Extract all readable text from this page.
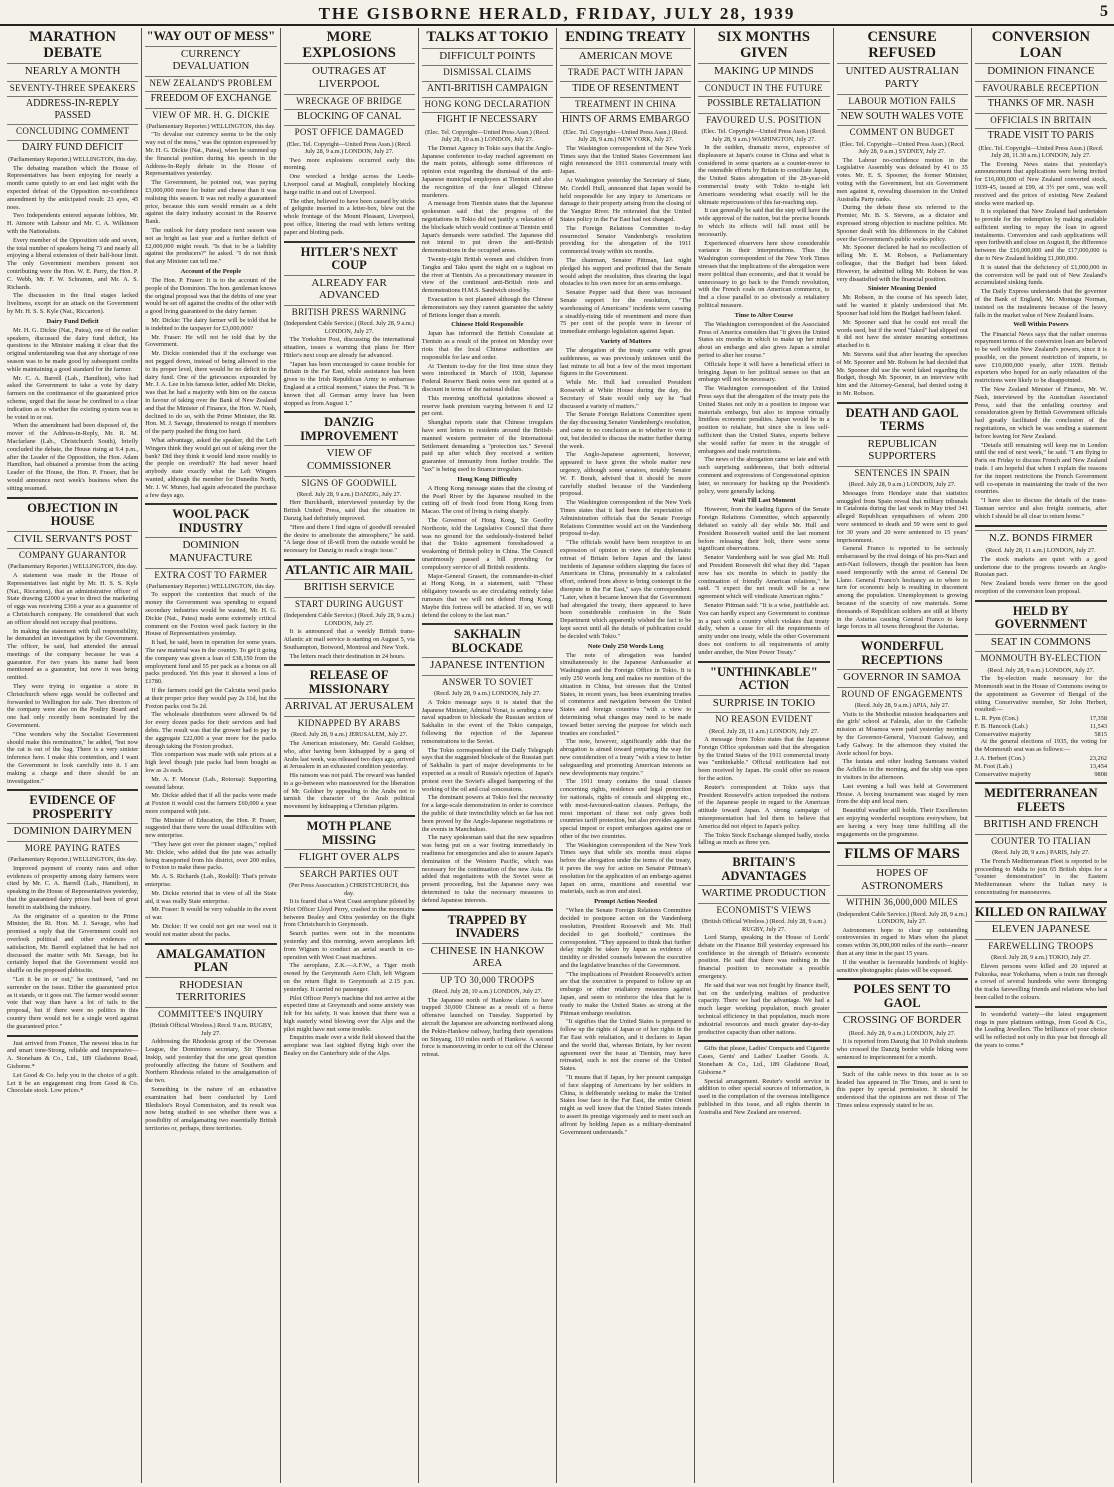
THE GISBORNE HERALD, FRIDAY, JULY 28, 1939	5
MARATHON DEBATE
NEARLY A MONTH
SEVENTY-THREE SPEAKERS
ADDRESS-IN-REPLY PASSED
CONCLUDING COMMENT
DAIRY FUND DEFICIT
(Parliamentary Reporter.) WELLINGTON, this day.

The debating marathon which the House of Representatives has been enjoying for nearly a month came quietly to an end last night with the expected defeat of the Opposition no-confidence amendment by the anticipated result: 23 ayes, 45 noes.

Two Independents entered separate lobbies, Mr. H. Atmore with Labour and Mr. C. A. Wilkinson with the Nationalists.

Every member of the Opposition side and seven, the total number of speakers being 73 and nearly all enjoying a liberal extension of their half-hour limit. The only Government members present not contributing were the Hon. W. E. Parry, the Hon. P. C. Webb, Mr. F. W. Schramm, and Mr. A. S. Richards.

The discussion in the final stages lacked liveliness, except for an attack on the Government by Mr. H. S. S. Kyle (Nat., Riccarton).

Dairy Fund Deficit

Mr. H. G. Dickie (Nat., Patea), one of the earlier speakers, discussed the dairy fund deficit, his questions to the Minister making it clear that the original understanding was that any shortage of one season was to be made good by subsequent credits while maintaining a good standard for the farmer.

Mr. C. A. Barrell (Lab., Hamilton), who had asked the Government to take a vote by dairy farmers on the continuance of the guaranteed price scheme, urged that the issue be confined to a clear indication as to whether the existing system was to be voted in or out.

When the amendment had been disposed of, the mover of the Address-in-Reply, Mr. R. M. Macfarlane (Lab., Christchurch South), briefly concluded the debate, the House rising at 9.4 p.m., after the Leader of the Opposition, the Hon. Adam Hamilton, had obtained a promise from the acting Leader of the House, the Hon. P. Fraser, that he would announce next week's business when the sitting resumed.

OBJECTION IN HOUSE
CIVIL SERVANT'S POST
COMPANY GUARANTOR
(Parliamentary Reporter.) WELLINGTON, this day.

A statement was made in the House of Representatives last night by Mr. H. S. S. Kyle (Nat., Riccarton), that an administrative officer of State drawing £2000 a year to direct the marketing of eggs was receiving £366 a year as a guarantor of a Christchurch company. He considered that such an officer should not occupy dual positions.

In making the statement with full responsibility, he demanded an investigation by the Government. The officer, he said, had attended the annual meetings of the company because he was a guarantor. For two years his name had been mentioned as a guarantor, but now it was being omitted.

They were trying to organise a store in Christchurch where eggs would be collected and forwarded to Wellington for sale. Two directors of the company were also on the Poultry Board and one had only recently been nominated by the Government.

"One wonders why the Socialist Government should make this nomination," he added, "but now the cat is out of the bag. There is a very sinister inference here. I make this contention, and I want the Government to look carefully into it. I am making a charge and there should be an investigation."

EVIDENCE OF PROSPERITY
DOMINION DAIRYMEN
MORE PAYING RATES
(Parliamentary Reporter.) WELLINGTON, this day.

Improved payment of county rates and other evidences of prosperity among dairy farmers were cited by Mr. C. A. Barrell (Lab., Hamilton), in speaking in the House of Representatives yesterday, that the guaranteed dairy prices had been of great benefit in stabilising the industry.

As the originator of a question to the Prime Minister, the Rt. Hon. M. J. Savage, who had promised a reply that the Government could not overlook political and other evidences of satisfaction, Mr. Barrell explained that he had not discussed the matter with Mr. Savage, but he certainly hoped that the Government would not shuffle on the proposed plebiscite.

"Let it be in or out," he continued, "and no surrender on the issue. Either the guaranteed price as it stands, or it goes out. The farmer would sooner vote that way than have a lot of tails to the proposal, but if there were no politics in this country there would not be a single word against the guaranteed price."

Just arrived from France, The newest idea in fur and smart tone-Strong, reliable and inexpensive—A. Stoneham & Co., Ltd., 189 Gladstone Road, Gisborne.*

Let Good & Co. help you in the choice of a gift. Let it be an engagement ring from Good & Co. Chocolate stock. Low prices.*

"WAY OUT OF MESS"
CURRENCY DEVALUATION
NEW ZEALAND'S PROBLEM
FREEDOM OF EXCHANGE
VIEW OF MR. H. G. DICKIE
(Parliamentary Reporter.) WELLINGTON, this day.

"To devalue our currency seems to be the only way out of the mess," was the opinion expressed by Mr. H. G. Dickie (Nat., Patea), when he summed up the financial position during his speech in the Address-In-Reply debate in the House of Representatives yesterday.

The Government, he pointed out, was paying £3,000,000 more for butter and cheese than it was realising this season. It was not really a guaranteed price, because this sum would remain as a debt against the dairy industry account in the Reserve Bank.

The outlook for dairy produce next season was not as bright as last year and a further deficit of £2,000,000 might result. "Is that to be a liability against the producers?" he asked. "I do not think that any Minister can tell me."

Account of the People

The Hon. P. Fraser: It is to the account of the people of the Dominion. The hon. gentleman knows the original proposal was that the debits of one year would be set off against the credits of the other with a good living guaranteed to the dairy farmer.

Mr. Dickie: The dairy farmer will be told that he is indebted to the taxpayer for £3,000,000?

Mr. Fraser: He will not be told that by the Government.

Mr. Dickie contended that if the exchange was not pegged down, instead of being allowed to rise to its proper level, there would be no deficit in the dairy fund. One of the grievances expounded by Mr. J. A. Lee in his famous letter, added Mr. Dickie, was that he had a majority with him on the caucus in favour of taking over the Bank of New Zealand and that the Minister of Finance, the Hon. W. Nash, declined to do so, with the Prime Minister, the Rt. Hon. M. J. Savage, threatened to resign if members of the party pushed the thing too hard.

What advantage, asked the speaker, did the Left Wingers think they would get out of taking over the bank? Did they think it would lend more readily to the people on overdraft? He had never heard anybody state exactly what the Left Wingers wanted, although the member for Dunedin North, Mr. J. W. Munro, had again advocated the purchase a few days ago.

WOOL PACK INDUSTRY
DOMINION MANUFACTURE
EXTRA COST TO FARMER
(Parliamentary Reporter.) WELLINGTON, this day.

To support the contention that much of the money the Government was spending to expand secondary industries would be wasted, Mr. H. G. Dickie (Nat., Patea) made some extremely critical comment on the Foxton wool pack factory in the House of Representatives yesterday.

It had, he said, been in operation for some years. The raw material was in the country. To get it going the company was given a loan of £38,150 from the employment fund and 55 per pack as a bonus on all packs produced. Yet this year it showed a loss of £1780.

If the farmers could get the Calcutta wool packs at their proper price they would pay 2s 11d, but the Foxton packs cost 5s 2d.

The wholesale distributors were allowed 9s 6d for every dozen packs for their services and bad debts. The result was that the grower had to pay in the aggregate £22,000 a year more for the packs through taking the Foxton product.

This comparison was made with sale prices at a high level though jute packs had been bought as low as 2s each.

Mr. A. F. Moncur (Lab., Rotorua): Supporting sweated labour.

Mr. Dickie added that if all the packs were made at Foxton it would cost the farmers £60,000 a year more compared with jute.

The Minister of Education, the Hon. P. Fraser, suggested that there were the usual difficulties with new enterprise.

"They have got over the pioneer stages," replied Mr. Dickie, who added that the jute was actually being transported from his district, over 200 miles, to Foxton to make these packs.

Mr. A. S. Richards (Lab., Roskill): That's private enterprise.

Mr. Dickie retorted that in view of all the State aid, it was really State enterprise.

Mr. Fraser: It would be very valuable in the event of war.

Mr. Dickie: If we could not get our wool out it would not matter about the packs.

AMALGAMATION PLAN
RHODESIAN TERRITORIES
COMMITTEE'S INQUIRY
(British Official Wireless.) Recd. 9 a.m. RUGBY, July 27.

Addressing the Rhodesia group of the Overseas League, the Dominions secretary, Sir Thomas Inskip, said yesterday that the one great question profoundly affecting the future of Southern and Northern Rhodesia related to the amalgamation of the two.

Something in the nature of an exhaustive examination had been conducted by Lord Bledisloe's Royal Commission, and its result was now being studied to see whether there was a possibility of amalgamating two essentially British territories or, perhaps, three territories.

MORE EXPLOSIONS
OUTRAGES AT LIVERPOOL
WRECKAGE OF BRIDGE
BLOCKING OF CANAL
POST OFFICE DAMAGED
(Elec. Tel. Copyright—United Press Assn.) (Recd. July 28, 9 a.m.) LONDON, July 27.

Two more explosions occurred early this morning.

One wrecked a bridge across the Leeds-Liverpool canal at Maghull, completely blocking barge traffic in and out of Liverpool.

The other, believed to have been caused by sticks of gelignite inserted in a letter-box, blew out the whole frontage of the Mount Pleasant, Liverpool, post office, littering the road with letters writing paper and blotting pads.

HITLER'S NEXT COUP
ALREADY FAR ADVANCED
BRITISH PRESS WARNING
(Independent Cable Service.) (Recd. July 28, 9 a.m.) LONDON, July 27.

The Yorkshire Post, discussing the international situation, issues a warning that plans for Herr Hitler's next coup are already far advanced.

"Japan has been encouraged to cause trouble for Britain in the Far East, while assistance has been given to the Irish Republican Army to embarrass England at a critical moment," states the Post. "It is known that all German army leave has been stopped as from August 1."

DANZIG IMPROVEMENT
VIEW OF COMMISSIONER
SIGNS OF GOODWILL
(Recd. July 28, 9 a.m.) DANZIG, July 27.

Herr Burckhardt, interviewed yesterday by the British United Press, said that the situation in Danzig had definitely improved.

"Here and there I find signs of goodwill revealed the desire to ameliorate the atmosphere," he said. "A large dose of ill-will from the outside would be necessary for Danzig to reach a tragic issue."

ATLANTIC AIR MAIL
BRITISH SERVICE
START DURING AUGUST
(Independent Cable Service.) (Recd. July 28, 9 a.m.) LONDON, July 27.

It is announced that a weekly British trans-Atlantic air mail service is starting on August 5, via Southampton, Botwood, Montreal and New York.

The letters reach their destination in 24 hours.

RELEASE OF MISSIONARY
ARRIVAL AT JERUSALEM
KIDNAPPED BY ARABS
(Recd. July 28, 9 a.m.) JERUSALEM, July 27.

The American missionary, Mr. Gerald Goldner, who, after having been kidnapped by a gang of Arabs last week, was released two days ago, arrived at Jerusalem in an exhausted condition yesterday.

His ransom was not paid. The reward was handed to a go-between who manoeuvred for the liberation of Mr. Goldner by appealing to the Arabs not to tarnish the character of the Arab political movement by kidnapping a Christian pilgrim.

MOTH PLANE MISSING
FLIGHT OVER ALPS
SEARCH PARTIES OUT
(Per Press Association.) CHRISTCHURCH, this day.

It is feared that a West Coast aeroplane piloted by Pilot Officer Lloyd Perry, crashed in the mountains between Bealey and Otira yesterday on the flight from Christchurch to Greymouth.

Search parties were out in the mountains yesterday and this morning, seven aeroplanes left from Wigram to conduct an aerial search in co-operation with West Coast machines.

The aeroplane, Z.K.—A.F.W., a Tiger moth owned by the Greymouth Aero Club, left Wigram on the return flight to Greymouth at 2.15 p.m. yesterday. It carried no passenger.

Pilot Officer Perry's machine did not arrive at the expected time at Greymouth and some anxiety was felt for his safety. It was known that there was a high easterly wind blowing over the Alps and the pilot might have met some trouble.

Enquiries made over a wide field showed that the aeroplane was last sighted flying high over the Bealey on the Canterbury side of the Alps.

TALKS AT TOKIO
DIFFICULT POINTS
DISMISSAL CLAIMS
ANTI-BRITISH CAMPAIGN
HONG KONG DECLARATION
FIGHT IF NECESSARY
(Elec. Tel. Copyright—United Press Assn.) (Recd. July 28, 10 a.m.) LONDON, July 27.

The Domei Agency in Tokio says that the Anglo-Japanese conference to-day reached agreement on the main points, although some differences of opinion exist regarding the dismissal of the anti-Japanese municipal employees at Tientsin and also the recognition of the four alleged Chinese murderers.

A message from Tientsin states that the Japanese spokesman said that the progress of the negotiations in Tokio did not justify a relaxation of the blockade which would continue at Tientsin until Japan's demands were satisfied. The Japanese did not intend to put down the anti-British demonstrations in the occupied areas.

Twenty-eight British women and children from Tangku and Taku spent the night on a tugboat on the river at Tientsin. As a precautionary measure in view of the continued anti-British riots and demonstrations H.M.S. Sandwich stood by.

Evacuation is not planned although the Chinese demonstrators say they cannot guarantee the safety of Britons longer than a month.

Chinese Hold Responsible

Japan has informed the British Consulate at Tientsin as a result of the protest on Monday over riots that the local Chinese authorities are responsible for law and order.

At Tientsin to-day for the first time since they were introduced in March of 1938, Japanese Federal Reserve Bank notes were not quoted at a discount in terms of the national dollar.

This morning unofficial quotations showed a reserve bank premium varying between 6 and 12 per cent.

Shanghai reports state that Chinese irregulars have sent letters to residents around the British-manned western perimeter of the International Settlement demanding a "protection tax." Several paid up after which they received a written guarantee of immunity from further trouble. The "tax" is being used to finance irregulars.

Hong Kong Difficulty

A Hong Kong message states that the closing of the Pearl River by the Japanese resulted in the cutting off of fresh food from Hong Kong from Macao. The cost of living is rising sharply.

The Governor of Hong Kong, Sir Geoffry Northcote, told the Legislative Council that there was no ground for the sedulously-fostered belief that the Tokio agreement foreshadowed a weakening of British policy in China. The Council unanimously passed a bill providing for compulsory service of all British residents.

Major-General Grasett, the commander-in-chief at Hong Kong, in a statement, said: "These obligatory towards us are circulating entirely false rumours that we will not defend Hong Kong. Maybe this fortress will be attacked. If so, we will defend the colony to the last man."

SAKHALIN BLOCKADE
JAPANESE INTENTION
ANSWER TO SOVIET
(Recd. July 28, 9 a.m.) LONDON, July 27.

A Tokio message says it is stated that the Japanese Minister, Admiral Yonai, is sending a new naval squadron to blockade the Russian section of Sakhalin in the event of the Tokio campaign, following the rejection of the Japanese remonstrations to the Soviet.

The Tokio correspondent of the Daily Telegraph says that the suggested blockade of the Russian part of Sakhalin is part of major developments to be expected as a result of Russia's rejection of Japan's protest over the Soviet's alleged hampering of the working of the oil and coal concessions.

The dominant powers at Tokio feel the necessity for a large-scale demonstration in order to convince the public of their invincibility which so far has not been proved by the Anglo-Japanese negotiations or the events in Manchukuo.

The navy spokesman said that the new squadron was being put on a war footing immediately in readiness for emergencies and also to assure Japan's domination of the Western Pacific, which was necessary for the continuation of the new Asia. He added that negotiations with the Soviet were at present proceeding, but the Japanese navy was determined to take the necessary measures to defend Japanese interests.

TRAPPED BY INVADERS
CHINESE IN HANKOW AREA
UP TO 30,000 TROOPS
(Recd. July 28, 10 a.m.) LONDON, July 27.

The Japanese north of Hankow claim to have trapped 30,000 Chinese as a result of a fierce offensive launched on Tuesday. Supported by aircraft the Japanese are advancing northward along the Pekin-Hankow railway, hurling their operations on Sinyang, 110 miles north of Hankow. A second force is manoeuvring in order to cut off the Chinese retreat.

ENDING TREATY
AMERICAN MOVE
TRADE PACT WITH JAPAN
TIDE OF RESENTMENT
TREATMENT IN CHINA
HINTS OF ARMS EMBARGO
(Elec. Tel. Copyright—United Press Assn.) (Recd. July 28, 9 a.m.) NEW YORK, July 27.

The Washington correspondent of the New York Times says that the United States Government last night renounced the 1911 commercial treaty with Japan.

At Washington yesterday the Secretary of State, Mr. Cordell Hull, announced that Japan would be held responsible for any injury to Americans or damage to their property arising from the closing of the Yangtze River. He reiterated that the United States policy in the Far East had not changed.

The Foreign Relations Committee to-day resurrected Senator Vandenberg's resolution providing for the abrogation of the 1911 commercial treaty within six months.

The chairman, Senator Pittman, last night pledged his support and predicted that the Senate would adopt the resolution, thus clearing the legal obstacles to his own move for an arms embargo.

Senator Pepper said that there was increased Senate support for the resolution, "The warehousing of Americans" incidents were causing a steadily-rising tide of resentment and more than 75 per cent of the people were in favour of immediate embargo legislation against Japan.

Variety of Matters

The abrogation of the treaty came with great suddenness, as was previously unknown until the last minute to all but a few of the most important figures in the Government.

While Mr. Hull had consulted President Roosevelt at White House during the day, the Secretary of State would only say he "had discussed a variety of matters."

The Senate Foreign Relations Committee spent the day discussing Senator Vandenberg's resolution, and came to no conclusion as to whether to vote it out, but decided to discuss the matter further during the week.

The Anglo-Japanese agreement, however, appeared to have given the whole matter new urgency, although some senators, notably Senator W. F. Borah, advised that it should be more carefully studied because of the Vandenberg proposal.

The Washington correspondent of the New York Times states that it had been the expectation of Administration officials that the Senate Foreign Relations Committee would act on the Vandenberg proposal to-day.

"The officials would have been receptive to an expression of opinion in view of the diplomatic retreat of Britain before Japan and the latest incidents of Japanese soldiers slapping the faces of Americans in China, presumably in a calculated effort, ordered from above to bring contempt in the disrepute in the Far East," says the correspondent. "Later, when it became known that the Government had abrogated the treaty, there appeared to have been considerable confusion in the State Department which apparently wished the fact to be kept secret until all the details of publication could be decided with Tokio."

Note Only 250 Words Long

The note of abrogation was handed simultaneously to the Japanese Ambassador at Washington and the Foreign Office in Tokio. It is only 250 words long and makes no mention of the situation in China, but stresses that the United States, in recent years, has been examining treaties of commerce and navigation between the United States and foreign countries "with a view to determining what changes may need to be made toward better serving the purpose for which such treaties are concluded."

The note, however, significantly adds that the abrogation is aimed toward preparing the way for new consideration of a treaty "with a view to better safeguarding and promoting American interests as new developments may require."

The 1911 treaty contains the usual clauses concerning rights, residence and legal protection for nationals, rights of consuls and shipping etc., with most-favoured-nation clauses. Perhaps, the most important of these not only gives both countries tariff protection, but also provides against special impost or export embargoes against one or other of the two countries.

The Washington correspondent of the New York Times says that while six months must elapse before the abrogation under the terms of the treaty, it paves the way for action on Senator Pittman's resolution for the application of an embargo against Japan on arms, munitions and essential war materials, such as iron and steel.

Prompt Action Needed

"When the Senate Foreign Relations Committee decided to postpone action on the Vandenberg resolution, President Roosevelt and Mr. Hull decided to get foothold," continues the correspondent. "They appeared to think that further delay might be taken by Japan as evidence of timidity or divided counsels between the executive and the legislative branches of the Government.

"The implications of President Roosevelt's action are that the executive is prepared to follow up an embargo or other retaliatory measures against Japan, and seem to reinforce the idea that he is ready to make the United States as strong at the Pittman embargo resolution.

"It signifies that the United States is prepared to follow up the rights of Japan or of her rights in the Far East with retaliation, and it declares to Japan and the world that, whereas Britain, by her recent agreement over the issue at Tientsin, may have retreated, such is not the course of the United States.

"It means that if Japan, by her present campaign of face slapping of Americans by her soldiers in China, is deliberately seeking to make the United States lose face in the Far East, the entire Orient might as well know that the United States intends to assert its prestige vigorously and to meet such an affront by holding Japan as a military-dominated Government understands."

SIX MONTHS GIVEN
MAKING UP MINDS
CONDUCT IN THE FUTURE
POSSIBLE RETALIATION
FAVOURED U.S. POSITION
(Elec. Tel. Copyright—United Press Assn.) (Recd. July 28, 9 a.m.) WASHINGTON, July 27.

In the sudden, dramatic move, expressive of displeasure at Japan's course in China and what is considered in some quarters as a counter-move to the ostensible efforts by Britain to conciliate Japan, the United States abrogation of the 28-year-old commercial treaty with Tokio to-night left Americans wondering what exactly will be the ultimate repercussions of this far-reaching step.

It can generally be said that the step will have the wide approval of the nation, but the precise bounds to which its effects will fall must still be necessarily.

Experienced observers here show considerable variance in their interpretations. Thus the Washington correspondent of the New York Times stresses that the implications of the abrogation were more political than economic, and that it would be unnecessary to go back to the French revolution, with the French coals on American commerce, to find a close parallel to so obviously a retaliatory political measure.

Time to Alter Course

The Washington correspondent of the Associated Press of America considers that "it gives the United States six months in which to make up her mind about an embargo and also gives Japan a similar period to alter her course."

Officials hope it will have a beneficial effect in bringing Japan to her political senses so that an embargo will not be necessary.

The Washington correspondent of the United Press says that the abrogation of the treaty puts the United States not only in a position to impose war materials embargo, but also to impose virtually limitless economic penalties. Japan would be in a position to retaliate, but since she is less self-sufficient than the United States, experts believe she would suffer far more in the struggle of embargoes and trade restrictions.

The news of the abrogation came so late and with such surprising suddenness, that both editorial comment and expressions of Congressional opinion later, so necessary for backing up the President's policy, were generally lacking.

Wait Till Last Moment

However, from the leading figures of the Senate Foreign Relations Committee, which apparently debated so vainly all day while Mr. Hull and President Roosevelt waited until the last moment before releasing their bolt, there were some significant observations.

Senator Vandenberg said he was glad Mr. Hull and President Roosevelt did what they did. "Japan now has six months in which to justify the continuation of friendly American relations," he said. "I expect the net result will be a new agreement which will vindicate American rights."

Senator Pittman said: "It is a wise, justifiable act. You can hardly expect any Government to continue in a pact with a country which violates that treaty daily, when a cause for all the requirements of amity under one treaty, while the other Government does not conform to all requirements of amity under another, the Nine Power Treaty."

"UNTHINKABLE" ACTION
SURPRISE IN TOKIO
NO REASON EVIDENT
(Recd. July 28, 11 a.m.) LONDON, July 27.

A message from Tokio states that the Japanese Foreign Office spokesman said that the abrogation by the United States of the 1911 commercial treaty was "unthinkable." Official notification had not been received by Japan. He could offer no reason for the action.

Reuter's correspondent at Tokio says that President Roosevelt's action torpedoed the notions of the Japanese people in regard to the American attitude toward Japan. A strong campaign of misrepresentation had led them to believe that America did not object to Japan's policy.

The Tokio Stock Exchange slumped badly, stocks falling as much as three yen.

BRITAIN'S ADVANTAGES
WARTIME PRODUCTION
ECONOMIST'S VIEWS
(British Official Wireless.) (Recd. July 28, 9 a.m.) RUGBY, July 27.

Lord Stamp, speaking in the House of Lords' debate on the Finance Bill yesterday expressed his confidence in the strength of Britain's economic position. He said that there was nothing in the financial position to necessitate a possible emergency.

He said that war was not fought by finance itself, but on the underlying realities of productive capacity. There we had the advantage. We had a much larger working population, much greater technical efficiency in that population, much more industrial resources and much greater day-to-day productive capacity than other nations.

Gifts that please, Ladies' Compacts and Cigarette Cases, Gents' and Ladies' Leather Goods. A. Stoneham & Co., Ltd., 189 Gladstone Road, Gisborne.*

Special arrangement. Reuter's world service in addition to other special sources of information, is used in the compilation of the overseas intelligence published in this issue, and all rights therein in Australia and New Zealand are reserved.

CENSURE REFUSED
UNITED AUSTRALIAN PARTY
LABOUR MOTION FAILS
NEW SOUTH WALES VOTE
COMMENT ON BUDGET
(Elec. Tel. Copyright—United Press Assn.) (Recd. July 28, 9 a.m.) SYDNEY, July 27.

The Labour no-confidence motion in the Legislative Assembly was defeated by 41 to 35 votes. Mr. E. S. Spooner, the former Minister, voting with the Government, but six Government men against it, revealing dissension in the United Australia Party ranks.

During the debate these six referred to the Premier, Mr. B. S. Stevens, as a dictator and expressed strong objection to machine politics. Mr. Spooner dealt with his differences in the Cabinet over the Government's public works policy.

Mr. Spooner declared he had no recollection of telling Mr. E. M. Robson, a Parliamentary colleague, that the Budget had been faked. However, he admitted telling Mr. Robson he was very dissatisfied with the financial position.

Sinister Meaning Denied

Mr. Robson, in the course of his speech later, said he wanted it plainly understood that Mr. Spooner had told him the Budget had been faked.

Mr. Spooner said that he could not recall the words used, but if the word "faked" had slipped out it did not have the sinister meaning sometimes attached to it.

Mr. Stevens said that after hearing the speeches of Mr. Spooner and Mr. Robson he had decided that Mr. Spooner did use the word faked regarding the Budget, though Mr. Spooner, in an interview with him and the Attorney-General, had denied using it to Mr. Robson.

DEATH AND GAOL TERMS
REPUBLICAN SUPPORTERS
SENTENCES IN SPAIN
(Recd. July 28, 9 a.m.) LONDON, July 27.

Messages from Hendaye state that statistics smuggled from Spain reveal that military tribunals in Catalonia during the last week in May tried 341 alleged Republican sympathisers of whom 200 were sentenced to death and 59 were sent to gaol for 30 years and 20 were sentenced to 15 years' imprisonment.

General Franco is reported to be seriously embarrassed by the rival doings of his pro-Nazi and anti-Nazi followers, though the position has been eased temporarily with the arrest of General De Llano. General Franco's hesitancy as to where to turn for economic help is resulting in discontent among the population. Unemployment is growing because of the scarcity of raw materials. Some thousands of Republican soldiers are still at liberty in the Asturias causing General Franco to keep large forces in all towns throughout the Asturias.

WONDERFUL RECEPTIONS
GOVERNOR IN SAMOA
ROUND OF ENGAGEMENTS
(Recd. July 28, 9 a.m.) APIA, July 27.

Visits to the Methodist mission headquarters and the girls' school at Faleula, also to the Catholic mission at Moamoa were paid yesterday morning by the Governor-General, Viscount Galway, and Lady Galway. In the afternoon they visited the Avele school for boys.

The fautata and other leading Samoans visited the Achilles in the morning, and the ship was open to visitors in the afternoon.

Last evening a ball was held at Government House. A boxing tournament was staged by men from the ship and local men.

Beautiful weather still holds. Their Excellencies are enjoying wonderful receptions everywhere, but are having a very busy time fulfilling all the engagements on the programme.

FILMS OF MARS
HOPES OF ASTRONOMERS
WITHIN 36,000,000 MILES
(Independent Cable Service.) (Recd. July 28, 9 a.m.) LONDON, July 27.

Astronomers hope to clear up outstanding controversies in regard to Mars when the planet comes within 36,000,000 miles of the earth—nearer than at any time in the past 15 years.

If the weather is favourable hundreds of highly-sensitive photographic plates will be exposed.

POLES SENT TO GAOL
CROSSING OF BORDER
(Recd. July 28, 9 a.m.) LONDON, July 27.

It is reported from Danzig that 10 Polish students who crossed the Danzig border while hiking were sentenced to imprisonment for a month.

Such of the cable news in this issue as is so headed has appeared in The Times, and is sent to this paper by special permission. It should be understood that the opinions are not those of The Times unless expressly stated to be so.

CONVERSION LOAN
DOMINION FINANCE
FAVOURABLE RECEPTION
THANKS OF MR. NASH
OFFICIALS IN BRITAIN
TRADE VISIT TO PARIS
(Elec. Tel. Copyright—United Press Assn.) (Recd. July 28, 11.30 a.m.) LONDON, July 27.

The Evening News states that yesterday's announcement that applications were being invited for £16,000,000 of New Zealand converted stock, 1939-45, issued at £99, at 3½ per cent., was well received and the prices of existing New Zealand stocks were marked up.

It is explained that New Zealand had undertaken to provide for the redemption by making available sufficient sterling to repay the loan in agreed instalments. Conversion and cash applications will open forthwith and close on August 8, the difference between the £16,000,000 and the £17,000,000 is due to New Zealand holding £1,000,000.

It is stated that the deficiency of £1,000,000 in the conversion will be paid out of New Zealand's accumulated sinking funds.

The Daily Express understands that the governor of the Bank of England, Mr. Montagu Norman, insisted on the instalments because of the heavy falls in the market value of New Zealand loans.

Well Within Powers

The Financial News says that the rather onerous repayment terms of the conversion loan are believed to be well within New Zealand's powers, since it is possible, on the present restriction of imports, to save £10,000,000 yearly, after 1939. British exporters who hoped for an early relaxation of the restrictions were likely to be disappointed.

The New Zealand Minister of Finance, Mr. W. Nash, interviewed by the Australian Associated Press, said that the unfailing courtesy and consideration given by British Government officials had greatly facilitated the conclusion of the negotiations, on which he was sending a statement before leaving for New Zealand.

"Details still remaining will keep me in London until the end of next week," he said. "I am flying to Paris on Friday to discuss French and New Zealand trade. I am hopeful that when I explain the reasons for the import restrictions the French Government will co-operate in maintaining the trade of the two countries.

"I have also to discuss the details of the trans-Tasman service and also freight contracts, after which I should be all clear to return home."

N.Z. BONDS FIRMER
(Recd. July 28, 11 a.m.) LONDON, July 27.

The stock markets are quiet with a good undertone due to the progress towards an Anglo-Russian pact.

New Zealand bonds were firmer on the good reception of the conversion loan proposal.

HELD BY GOVERNMENT
SEAT IN COMMONS
MONMOUTH BY-ELECTION
(Recd. July 28, 9 a.m.) LONDON, July 27.

The by-election made necessary for the Monmouth seat in the House of Commons owing to the appointment as Governor of Bengal of the sitting Conservative member, Sir John Herbert, resulted:—

L. R. Pym (Con.)	17,358
F. B. Hancock (Lab.)	11,543
Conservative majority	5815

At the general elections of 1935, the voting for the Monmouth seat was as follows:—

J. A. Herbert (Con.)	23,262
M. Foot (Lab.)	13,454
Conservative majority	9808
MEDITERRANEAN FLEETS
BRITISH AND FRENCH
COUNTER TO ITALIAN
(Recd. July 28, 9 a.m.) PARIS, July 27.

The French Mediterranean Fleet is reported to be proceeding to Malta to join 65 British ships for a "counter demonstration" in the Eastern Mediterranean where the Italian navy is concentrating for manoeuvres.

KILLED ON RAILWAY
ELEVEN JAPANESE
FAREWELLING TROOPS
(Recd. July 28, 9 a.m.) TOKIO, July 27.

Eleven persons were killed and 20 injured at Fukuoka, near Yokohama, when a train ran through a crowd of several hundreds who were thronging the tracks farewelling friends and relations who had been called to the colours.

In wonderful variety—the latest engagement rings in pure platinum settings, from Good & Co., the Leading Jewellers. The brilliance of your choice will be reflected not only in this year but through all the years to come.*
